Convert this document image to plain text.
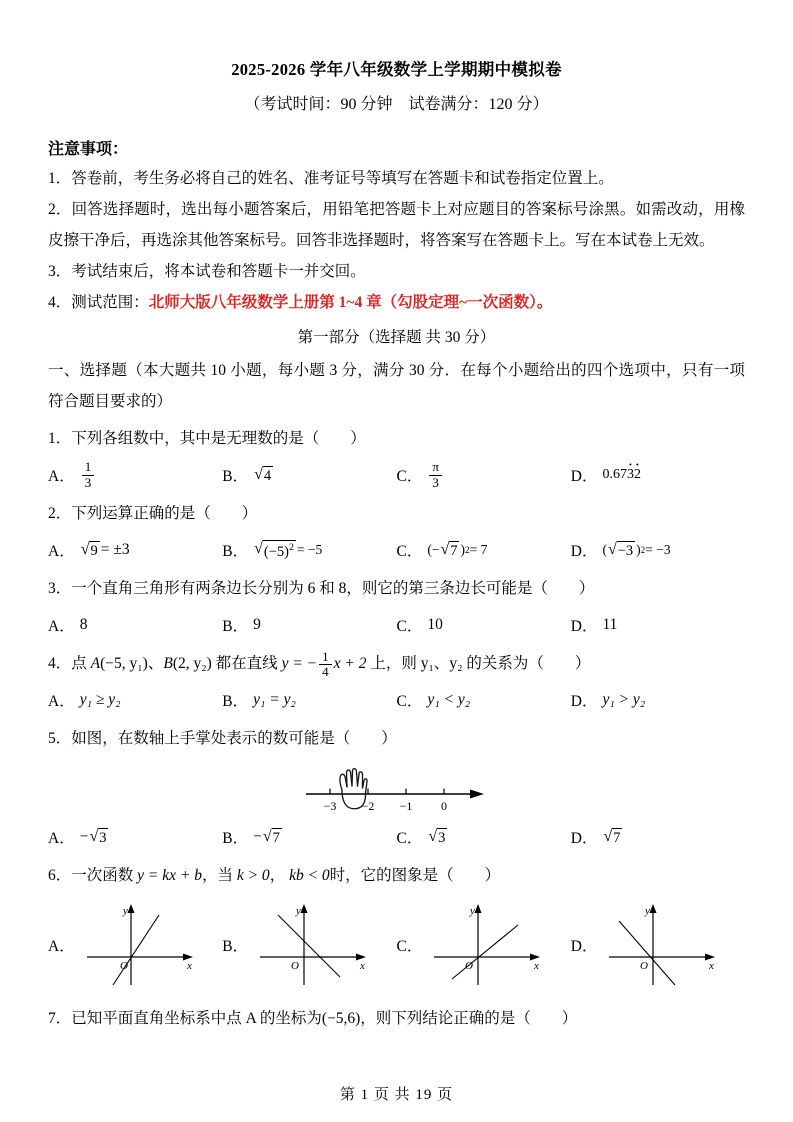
2025-2026 学年八年级数学上学期期中模拟卷
（考试时间：90 分钟　试卷满分：120 分）
注意事项：

1．答卷前，考生务必将自己的姓名、准考证号等填写在答题卡和试卷指定位置上。

2．回答选择题时，选出每小题答案后，用铅笔把答题卡上对应题目的答案标号涂黑。如需改动，用橡皮擦干净后，再选涂其他答案标号。回答非选择题时，将答案写在答题卡上。写在本试卷上无效。

3．考试结束后，将本试卷和答题卡一并交回。

4．测试范围：北师大版八年级数学上册第 1~4 章（勾股定理~一次函数）。

第一部分（选择题 共 30 分）
一、选择题（本大题共 10 小题，每小题 3 分，满分 30 分．在每个小题给出的四个选项中，只有一项符合题目要求的）
1．下列各组数中，其中是无理数的是（　　）
A． $\frac{1}{3}$	B． √ 4	C． $\frac{\pi}{3}$	D． 0.67 · 3 · 2
2．下列运算正确的是（　　）
A． √ 9 = ±3	B． √ $(-5)^2 = -5$	C． (− √ 7 ) 2 = 7	D． ( √ −3 ) 2 = −3
3．一个直角三角形有两条边长分别为 6 和 8，则它的第三条边长可能是（　　）
A． 8	B． 9	C． 10	D． 11
4．点 A(−5, y₁)、B(2, y₂) 都在直线 y = − $\frac{1}{4}$ x + 2 上，则 y₁、y₂ 的关系为（　　）
A． y₁ ≥ y₂	B． y₁ = y₂	C． y₁ < y₂	D． y₁ > y₂
5．如图，在数轴上手掌处表示的数可能是（　　）
−3 −2 −1 0
A． − √ 3	B． − √ 7	C． √ 3	D． √ 7
6．一次函数 y = kx + b，当 k > 0， kb < 0时，它的图象是（　　）
A．
y
x
O
B．
y
x
O
C．
y
x
O
D．
y
x
O
7．已知平面直角坐标系中点 A 的坐标为(−5,6)，则下列结论正确的是（　　）
第 1 页 共 19 页
